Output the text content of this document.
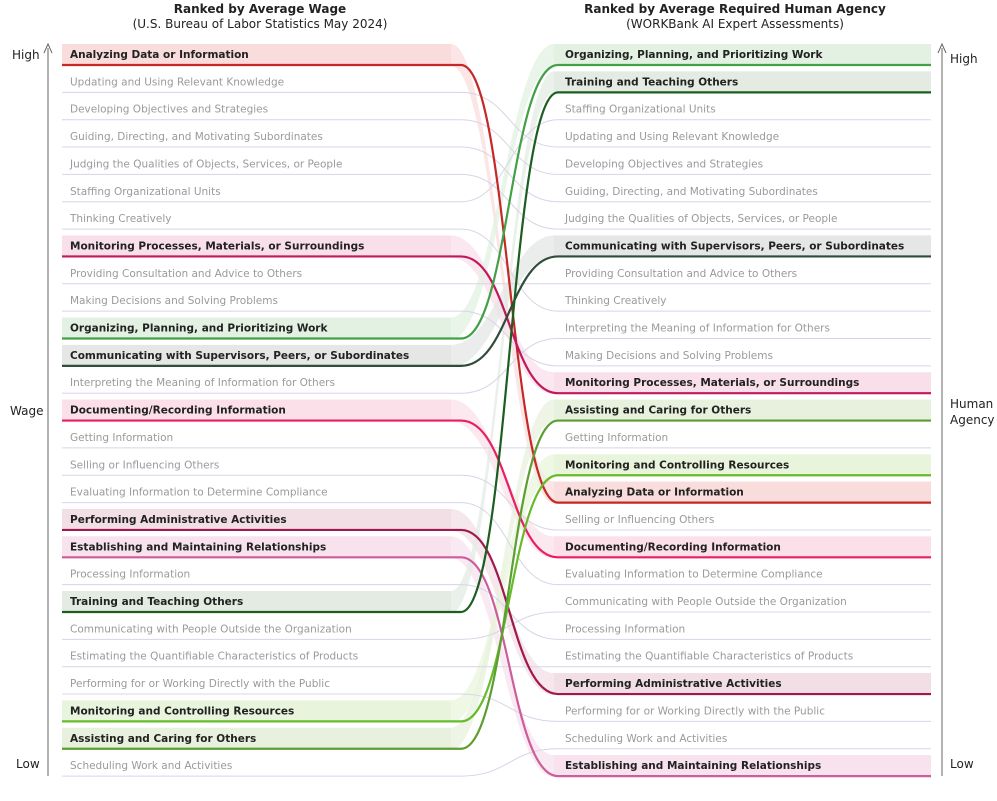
Ranked by Average Wage
(U.S. Bureau of Labor Statistics May 2024)
Ranked by Average Required Human Agency
(WORKBank AI Expert Assessments)
High
Wage
Low
High
Human
Agency
Low
Analyzing Data or Information
Updating and Using Relevant Knowledge
Developing Objectives and Strategies
Guiding, Directing, and Motivating Subordinates
Judging the Qualities of Objects, Services, or People
Staffing Organizational Units
Thinking Creatively
Monitoring Processes, Materials, or Surroundings
Providing Consultation and Advice to Others
Making Decisions and Solving Problems
Organizing, Planning, and Prioritizing Work
Communicating with Supervisors, Peers, or Subordinates
Interpreting the Meaning of Information for Others
Documenting/Recording Information
Getting Information
Selling or Influencing Others
Evaluating Information to Determine Compliance
Performing Administrative Activities
Establishing and Maintaining Relationships
Processing Information
Training and Teaching Others
Communicating with People Outside the Organization
Estimating the Quantifiable Characteristics of Products
Performing for or Working Directly with the Public
Monitoring and Controlling Resources
Assisting and Caring for Others
Scheduling Work and Activities
Organizing, Planning, and Prioritizing Work
Training and Teaching Others
Staffing Organizational Units
Updating and Using Relevant Knowledge
Developing Objectives and Strategies
Guiding, Directing, and Motivating Subordinates
Judging the Qualities of Objects, Services, or People
Communicating with Supervisors, Peers, or Subordinates
Providing Consultation and Advice to Others
Thinking Creatively
Interpreting the Meaning of Information for Others
Making Decisions and Solving Problems
Monitoring Processes, Materials, or Surroundings
Assisting and Caring for Others
Getting Information
Monitoring and Controlling Resources
Analyzing Data or Information
Selling or Influencing Others
Documenting/Recording Information
Evaluating Information to Determine Compliance
Communicating with People Outside the Organization
Processing Information
Estimating the Quantifiable Characteristics of Products
Performing Administrative Activities
Performing for or Working Directly with the Public
Scheduling Work and Activities
Establishing and Maintaining Relationships
